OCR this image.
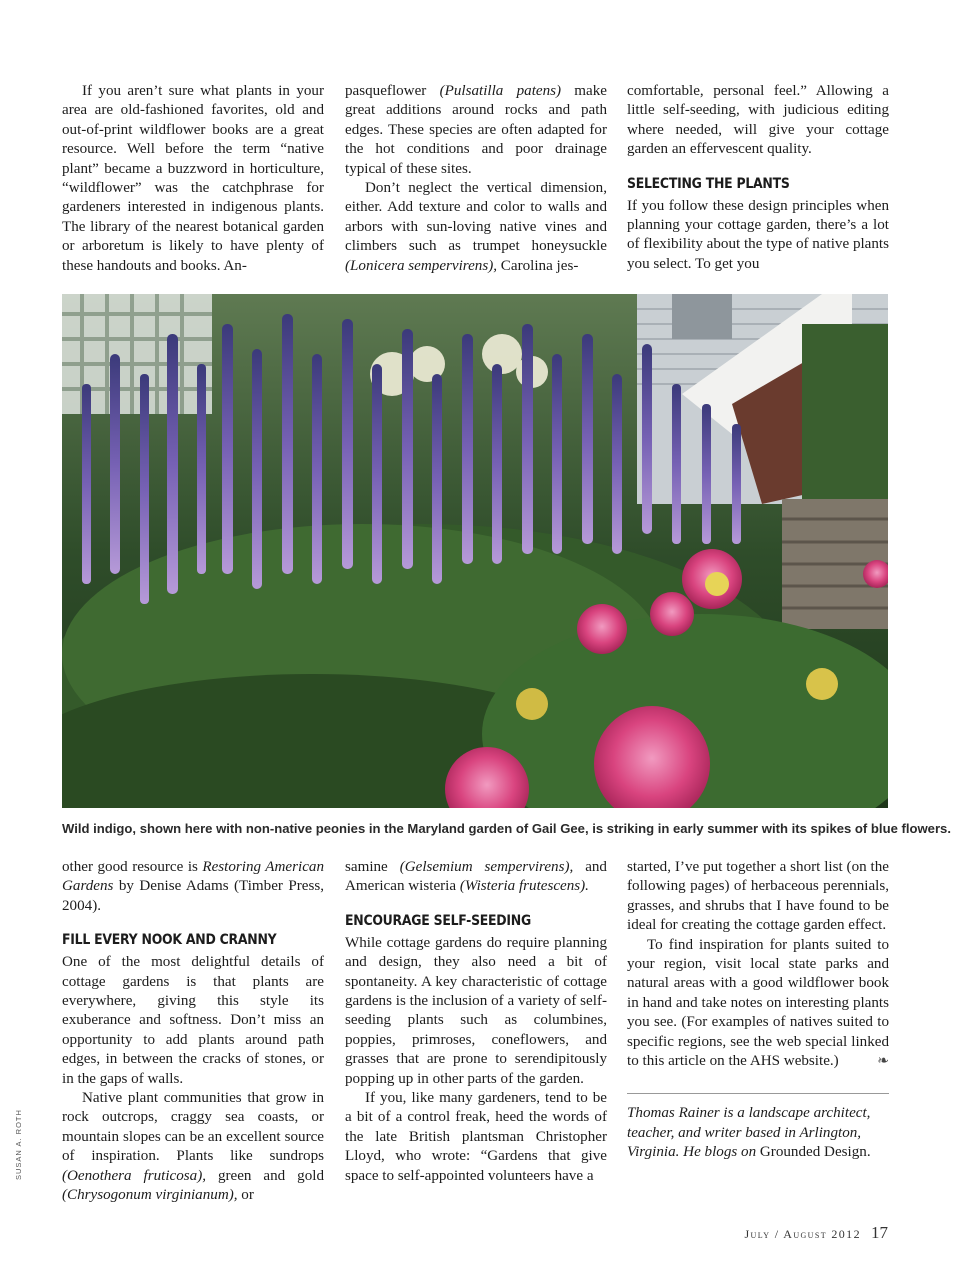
If you aren’t sure what plants in your area are old-fashioned favorites, old and out-of-print wildflower books are a great resource. Well before the term “native plant” became a buzzword in horticulture, “wildflower” was the catchphrase for gardeners interested in indigenous plants. The library of the nearest botanical garden or arboretum is likely to have plenty of these handouts and books. An-

pasqueflower (Pulsatilla patens) make great additions around rocks and path edges. These species are often adapted for the hot conditions and poor drainage typical of these sites.

Don’t neglect the vertical dimension, either. Add texture and color to walls and arbors with sun-loving native vines and climbers such as trumpet honeysuckle (Lonicera sempervirens), Carolina jes-

comfortable, personal feel.” Allowing a little self-seeding, with judicious editing where needed, will give your cottage garden an effervescent quality.

SELECTING THE PLANTS

If you follow these design principles when planning your cottage garden, there’s a lot of flexibility about the type of native plants you select. To get you

Wild indigo, shown here with non-native peonies in the Maryland garden of Gail Gee, is striking in early summer with its spikes of blue flowers.
SUSAN A. ROTH

other good resource is Restoring American Gardens by Denise Adams (Timber Press, 2004).

FILL EVERY NOOK AND CRANNY

One of the most delightful details of cottage gardens is that plants are everywhere, giving this style its exuberance and softness. Don’t miss an opportunity to add plants around path edges, in between the cracks of stones, or in the gaps of walls.

Native plant communities that grow in rock outcrops, craggy sea coasts, or mountain slopes can be an excellent source of inspiration. Plants like sundrops (Oenothera fruticosa), green and gold (Chrysogonum virginianum), or

samine (Gelsemium sempervirens), and American wisteria (Wisteria frutescens).

ENCOURAGE SELF-SEEDING

While cottage gardens do require planning and design, they also need a bit of spontaneity. A key characteristic of cottage gardens is the inclusion of a variety of self-seeding plants such as columbines, poppies, primroses, coneflowers, and grasses that are prone to serendipitously popping up in other parts of the garden.

If you, like many gardeners, tend to be a bit of a control freak, heed the words of the late British plantsman Christopher Lloyd, who wrote: “Gardens that give space to self-appointed volunteers have a

started, I’ve put together a short list (on the following pages) of herbaceous perennials, grasses, and shrubs that I have found to be ideal for creating the cottage garden effect.

To find inspiration for plants suited to your region, visit local state parks and natural areas with a good wildflower book in hand and take notes on interesting plants you see. (For examples of natives suited to specific regions, see the web special linked to this article on the AHS website.)	❧

Thomas Rainer is a landscape architect, teacher, and writer based in Arlington, Virginia. He blogs on Grounded Design.

July / August 2012 17
